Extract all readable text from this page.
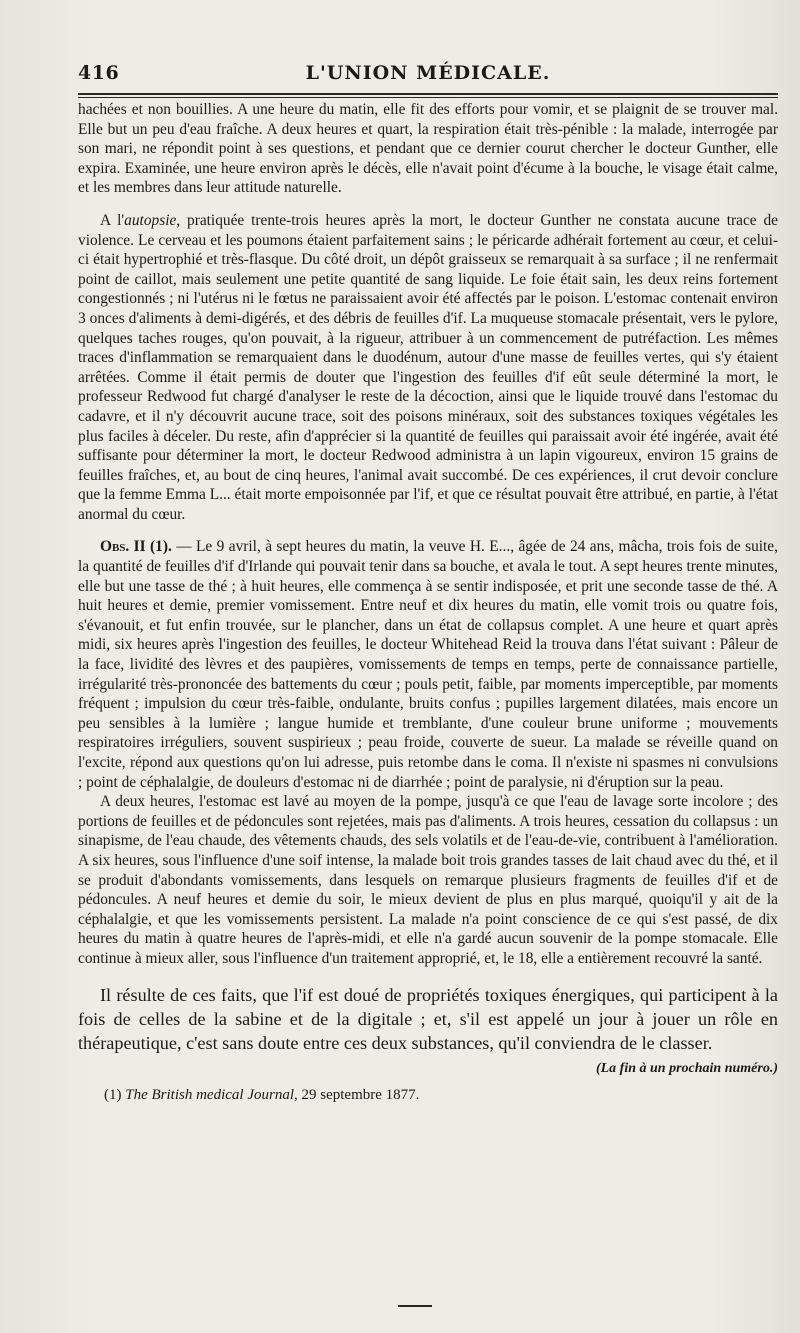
416	L'UNION MÉDICALE.

hachées et non bouillies. A une heure du matin, elle fit des efforts pour vomir, et se plaignit de se trouver mal. Elle but un peu d'eau fraîche. A deux heures et quart, la respiration était très-pénible : la malade, interrogée par son mari, ne répondit point à ses questions, et pendant que ce dernier courut chercher le docteur Gunther, elle expira. Examinée, une heure environ après le décès, elle n'avait point d'écume à la bouche, le visage était calme, et les membres dans leur attitude naturelle.

A l'autopsie, pratiquée trente-trois heures après la mort, le docteur Gunther ne constata aucune trace de violence. Le cerveau et les poumons étaient parfaitement sains ; le péricarde adhérait fortement au cœur, et celui-ci était hypertrophié et très-flasque. Du côté droit, un dépôt graisseux se remarquait à sa surface ; il ne renfermait point de caillot, mais seulement une petite quantité de sang liquide. Le foie était sain, les deux reins fortement congestionnés ; ni l'utérus ni le fœtus ne paraissaient avoir été affectés par le poison. L'estomac contenait environ 3 onces d'aliments à demi-digérés, et des débris de feuilles d'if. La muqueuse stomacale présentait, vers le pylore, quelques taches rouges, qu'on pouvait, à la rigueur, attribuer à un commencement de putréfaction. Les mêmes traces d'inflammation se remarquaient dans le duodénum, autour d'une masse de feuilles vertes, qui s'y étaient arrêtées. Comme il était permis de douter que l'ingestion des feuilles d'if eût seule déterminé la mort, le professeur Redwood fut chargé d'analyser le reste de la décoction, ainsi que le liquide trouvé dans l'estomac du cadavre, et il n'y découvrit aucune trace, soit des poisons minéraux, soit des substances toxiques végétales les plus faciles à déceler. Du reste, afin d'apprécier si la quantité de feuilles qui paraissait avoir été ingérée, avait été suffisante pour déterminer la mort, le docteur Redwood administra à un lapin vigoureux, environ 15 grains de feuilles fraîches, et, au bout de cinq heures, l'animal avait succombé. De ces expériences, il crut devoir conclure que la femme Emma L... était morte empoisonnée par l'if, et que ce résultat pouvait être attribué, en partie, à l'état anormal du cœur.

Obs. II (1). — Le 9 avril, à sept heures du matin, la veuve H. E..., âgée de 24 ans, mâcha, trois fois de suite, la quantité de feuilles d'if d'Irlande qui pouvait tenir dans sa bouche, et avala le tout. A sept heures trente minutes, elle but une tasse de thé ; à huit heures, elle commença à se sentir indisposée, et prit une seconde tasse de thé. A huit heures et demie, premier vomissement. Entre neuf et dix heures du matin, elle vomit trois ou quatre fois, s'évanouit, et fut enfin trouvée, sur le plancher, dans un état de collapsus complet. A une heure et quart après midi, six heures après l'ingestion des feuilles, le docteur Whitehead Reid la trouva dans l'état suivant : Pâleur de la face, lividité des lèvres et des paupières, vomissements de temps en temps, perte de connaissance partielle, irrégularité très-prononcée des battements du cœur ; pouls petit, faible, par moments imperceptible, par moments fréquent ; impulsion du cœur très-faible, ondulante, bruits confus ; pupilles largement dilatées, mais encore un peu sensibles à la lumière ; langue humide et tremblante, d'une couleur brune uniforme ; mouvements respiratoires irréguliers, souvent suspirieux ; peau froide, couverte de sueur. La malade se réveille quand on l'excite, répond aux questions qu'on lui adresse, puis retombe dans le coma. Il n'existe ni spasmes ni convulsions ; point de céphalalgie, de douleurs d'estomac ni de diarrhée ; point de paralysie, ni d'éruption sur la peau.

A deux heures, l'estomac est lavé au moyen de la pompe, jusqu'à ce que l'eau de lavage sorte incolore ; des portions de feuilles et de pédoncules sont rejetées, mais pas d'aliments. A trois heures, cessation du collapsus : un sinapisme, de l'eau chaude, des vêtements chauds, des sels volatils et de l'eau-de-vie, contribuent à l'amélioration. A six heures, sous l'influence d'une soif intense, la malade boit trois grandes tasses de lait chaud avec du thé, et il se produit d'abondants vomissements, dans lesquels on remarque plusieurs fragments de feuilles d'if et de pédoncules. A neuf heures et demie du soir, le mieux devient de plus en plus marqué, quoiqu'il y ait de la céphalalgie, et que les vomissements persistent. La malade n'a point conscience de ce qui s'est passé, de dix heures du matin à quatre heures de l'après-midi, et elle n'a gardé aucun souvenir de la pompe stomacale. Elle continue à mieux aller, sous l'influence d'un traitement approprié, et, le 18, elle a entièrement recouvré la santé.

Il résulte de ces faits, que l'if est doué de propriétés toxiques énergiques, qui participent à la fois de celles de la sabine et de la digitale ; et, s'il est appelé un jour à jouer un rôle en thérapeutique, c'est sans doute entre ces deux substances, qu'il conviendra de le classer.

(La fin à un prochain numéro.)

(1) The British medical Journal, 29 septembre 1877.
